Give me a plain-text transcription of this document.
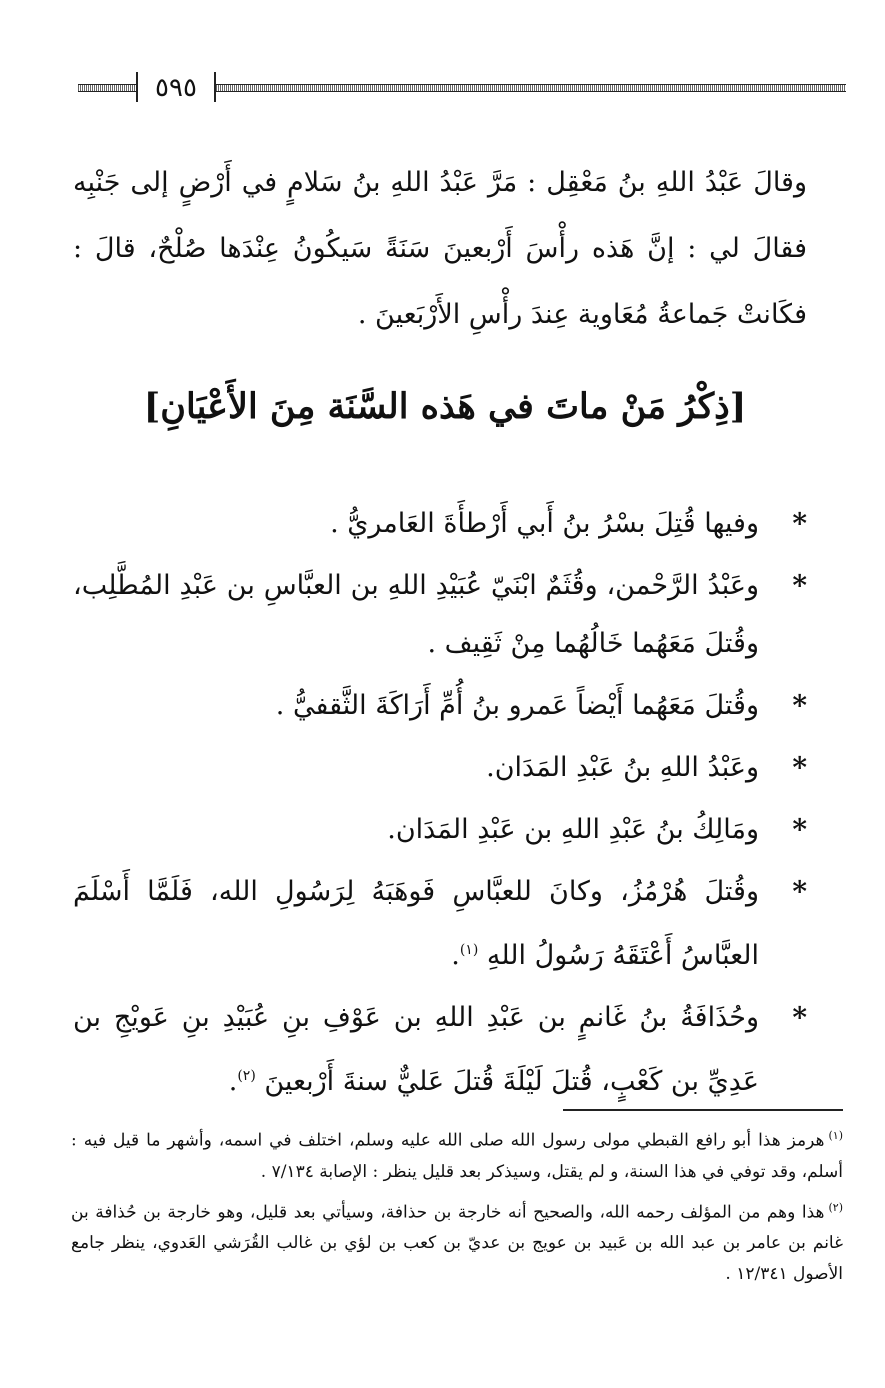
٥٩٥
وقالَ عَبْدُ اللهِ بنُ مَعْقِل : مَرَّ عَبْدُ اللهِ بنُ سَلامٍ في أَرْضٍ إلى جَنْبِه فقالَ لي : إنَّ هَذه رأْسَ أَرْبعينَ سَنَةً سَيكُونُ عِنْدَها صُلْحٌ، قالَ : فكَانتْ جَماعةُ مُعَاوية عِندَ رأْسِ الأَرْبَعينَ .
[ذِكْرُ مَنْ ماتَ في هَذه السَّنَة مِنَ الأَعْيَانِ]
*
وفيها قُتِلَ بسْرُ بنُ أَبي أَرْطأَةَ العَامريُّ .
*
وعَبْدُ الرَّحْمن، وقُثَمٌ ابْنَيّ عُبَيْدِ اللهِ بن العبَّاسِ بن عَبْدِ المُطَّلِب، وقُتلَ مَعَهُما خَالُهُما مِنْ ثَقِيف .
*
وقُتلَ مَعَهُما أَيْضاً عَمرو بنُ أُمِّ أَرَاكَةَ الثَّقفيُّ .
*
وعَبْدُ اللهِ بنُ عَبْدِ المَدَان.
*
ومَالِكُ بنُ عَبْدِ اللهِ بن عَبْدِ المَدَان.
*
وقُتلَ هُرْمُزُ، وكانَ للعبَّاسِ فَوهَبَهُ لِرَسُولِ الله، فَلَمَّا أَسْلَمَ العبَّاسُ أَعْتَقَهُ رَسُولُ اللهِ $^{(١)}$.
*
وحُذَافَةُ بنُ غَانمٍ بن عَبْدِ اللهِ بن عَوْفِ بنِ عُبَيْدِ بنِ عَويْجِ بن عَدِيِّ بن كَعْبٍ، قُتلَ لَيْلَةَ قُتلَ عَليٌّ سنةَ أَرْبعينَ $^{(٢)}$.

$^{(١)}$هرمز هذا أبو رافع القبطي مولى رسول الله صلى الله عليه وسلم، اختلف في اسمه، وأشهر ما قيل فيه : أسلم، وقد توفي في هذا السنة، و لم يقتل، وسيذكر بعد قليل ينظر : الإصابة ٧/١٣٤ .

$^{(٢)}$هذا وهم من المؤلف رحمه الله، والصحيح أنه خارجة بن حذافة، وسيأتي بعد قليل، وهو خارجة بن حُذافة بن غانم بن عامر بن عبد الله بن عَبيد بن عويج بن عديّ بن كعب بن لؤي بن غالب القُرَشي العَدوي، ينظر جامع الأصول ١٢/٣٤١ .
